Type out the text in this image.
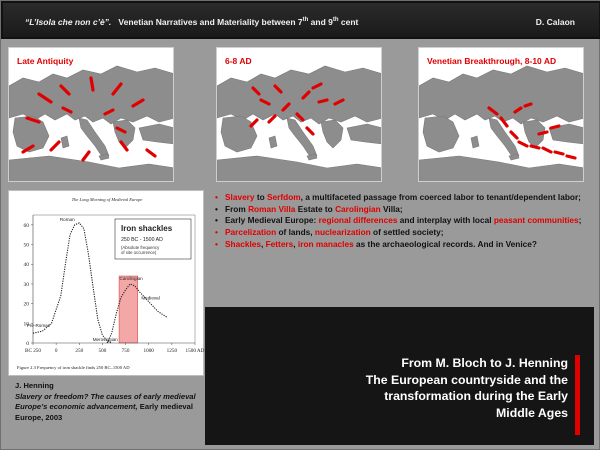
“L’Isola che non c’è”. Venetian Narratives and Materiality between 7th and 9th cent	D. Calaon
Late Antiquity	6-8 AD	Venetian Breakthrough, 8-10 AD
The Long Morning of Medieval Europe
0
10
20
30
40
50
60
BC 250	0	250	500	750	1000 1250 1500 AD
Iron shackles
250 BC - 1500 AD
(Absolute frequency of site occurrence)
Pre-Roman
Roman
Carolingian
Medieval
Merovingian
Figure 2.3 Frequency of iron shackle finds 250 BC–1500 AD
J. Henning
Slavery or freedom? The causes of early medieval Europe’s economic advancement, Early medieval Europe, 2003
• Slavery to Serfdom, a multifaceted passage from coerced labor to tenant/dependent labor;
• From Roman Villa Estate to Carolingian Villa;
• Early Medieval Europe: regional differences and interplay with local peasant communities;
• Parcelization of lands, nuclearization of settled society;
• Shackles, Fetters, iron manacles as the archaeological records. And in Venice?
From M. Bloch to J. Henning
The European countryside and the
transformation during the Early
Middle Ages
